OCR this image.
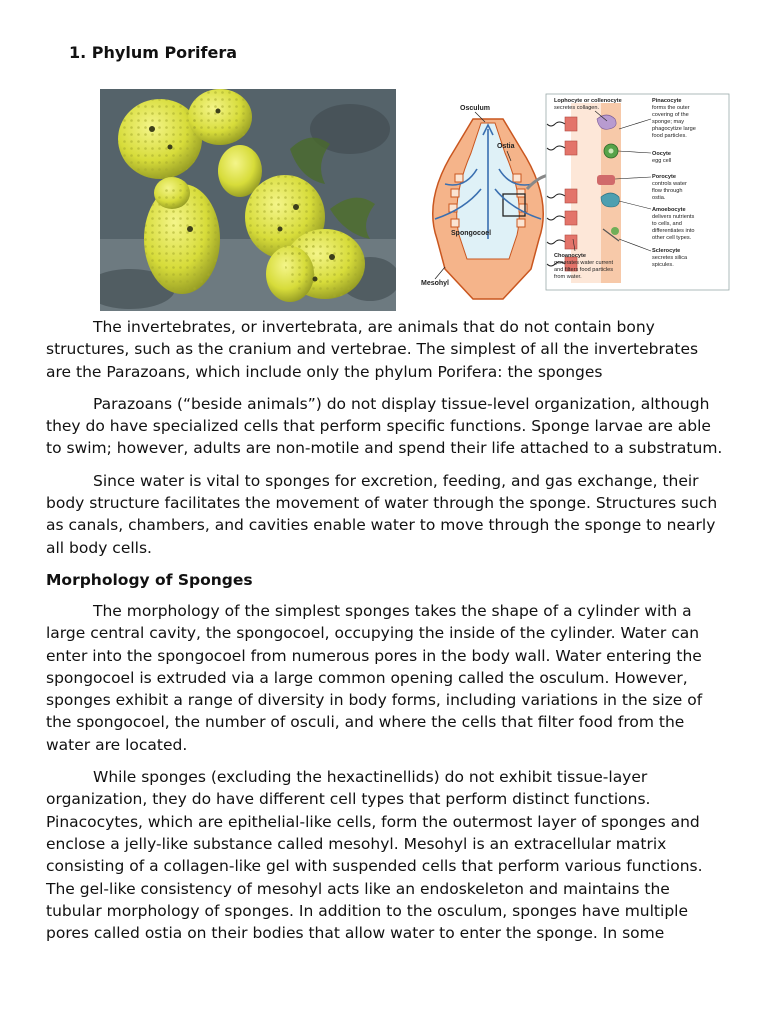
1. Phylum Porifera
Osculum
Ostia
Spongocoel
Mesohyl
Lophocyte or collenocyte
secretes collagen.
Pinacocyte
forms the outer
covering of the
sponge; may
phagocytize large
food particles.
Oocyte
egg cell
Porocyte
controls water
flow through
ostia.
Amoebocyte
delivers nutrients
to cells, and
differentiates into
other cell types.
Sclerocyte
secretes silica
spicules.
Choanocyte
generates water current
and filters food particles
from water.

The invertebrates, or invertebrata, are animals that do not contain bony structures, such as the cranium and vertebrae. The simplest of all the invertebrates are the Parazoans, which include only the phylum Porifera: the sponges

Parazoans (“beside animals”) do not display tissue-level organization, although they do have specialized cells that perform specific functions. Sponge larvae are able to swim; however, adults are non-motile and spend their life attached to a substratum.

Since water is vital to sponges for excretion, feeding, and gas exchange, their body structure facilitates the movement of water through the sponge. Structures such as canals, chambers, and cavities enable water to move through the sponge to nearly all body cells.

Morphology of Sponges

The morphology of the simplest sponges takes the shape of a cylinder with a large central cavity, the spongocoel, occupying the inside of the cylinder. Water can enter into the spongocoel from numerous pores in the body wall. Water entering the spongocoel is extruded via a large common opening called the osculum. However, sponges exhibit a range of diversity in body forms, including variations in the size of the spongocoel, the number of osculi, and where the cells that filter food from the water are located.

While sponges (excluding the hexactinellids) do not exhibit tissue-layer organization, they do have different cell types that perform distinct functions. Pinacocytes, which are epithelial-like cells, form the outermost layer of sponges and enclose a jelly-like substance called mesohyl. Mesohyl is an extracellular matrix consisting of a collagen-like gel with suspended cells that perform various functions. The gel-like consistency of mesohyl acts like an endoskeleton and maintains the tubular morphology of sponges. In addition to the osculum, sponges have multiple pores called ostia on their bodies that allow water to enter the sponge. In some
